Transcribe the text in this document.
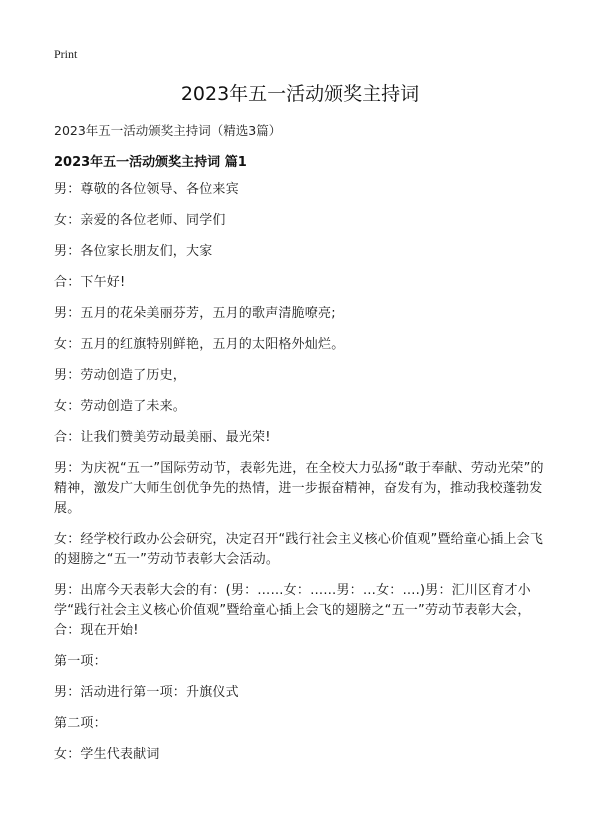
Print
2023年五一活动颁奖主持词
2023年五一活动颁奖主持词（精选3篇）
2023年五一活动颁奖主持词 篇1

男：尊敬的各位领导、各位来宾

女：亲爱的各位老师、同学们

男：各位家长朋友们，大家

合：下午好!

男：五月的花朵美丽芬芳，五月的歌声清脆嘹亮;

女：五月的红旗特别鲜艳，五月的太阳格外灿烂。

男：劳动创造了历史，

女：劳动创造了未来。

合：让我们赞美劳动最美丽、最光荣!

男：为庆祝“五一”国际劳动节，表彰先进，在全校大力弘扬“敢于奉献、劳动光荣”的精神，激发广大师生创优争先的热情，进一步振奋精神，奋发有为，推动我校蓬勃发展。

女：经学校行政办公会研究，决定召开“践行社会主义核心价值观”暨给童心插上会飞的翅膀之“五一”劳动节表彰大会活动。

男：出席今天表彰大会的有：(男：……女：……男：…女：….)男：汇川区育才小学“践行社会主义核心价值观”暨给童心插上会飞的翅膀之“五一”劳动节表彰大会，合：现在开始!

第一项：

男：活动进行第一项：升旗仪式

第二项：

女：学生代表献词
